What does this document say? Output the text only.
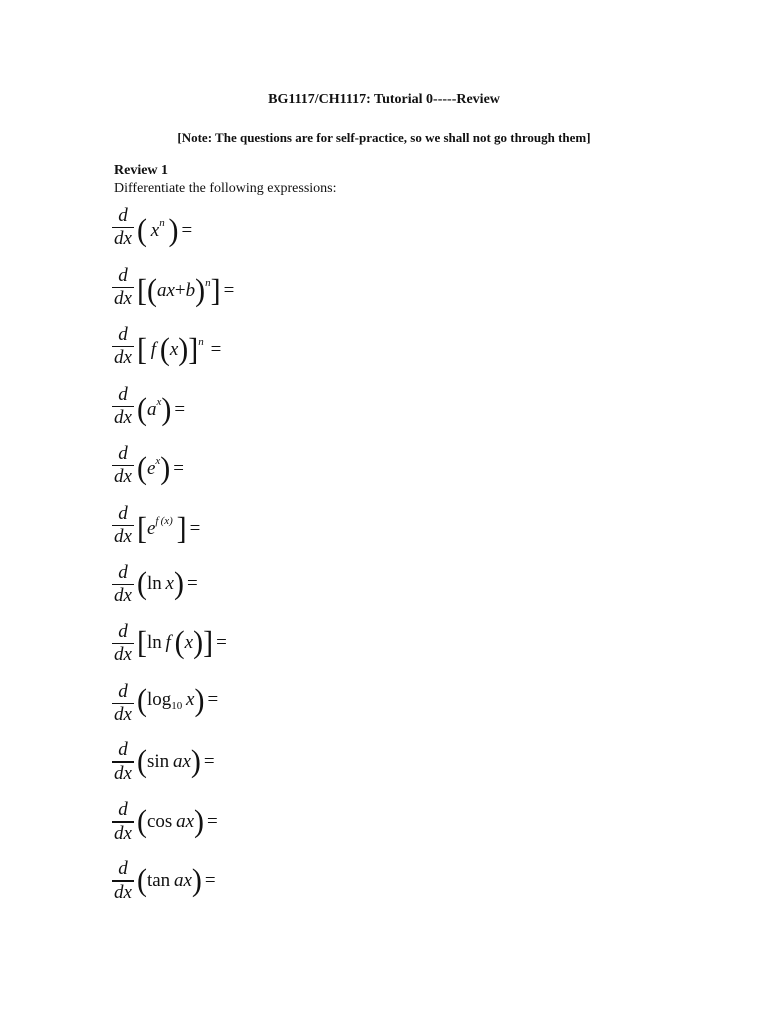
BG1117/CH1117: Tutorial 0-----Review
[Note: The questions are for self-practice, so we shall not go through them]
Review 1
Differentiate the following expressions:
$\frac{d}{dx}$ (  $x^n$  ) =
$\frac{d}{dx} [(ax+b)^n]$ =
$\frac{d}{dx}$ [  f  (x)]$^n$  =
$\frac{d}{dx} (a^x)$ =
$\frac{d}{dx} (e^x)$ =
$\frac{d}{dx} [e^{f (x)}$  ] =
$\frac{d}{dx} (\ln$  x) =
$\frac{d}{dx} [\ln$  f  (x)] =
$\frac{d}{dx} (\log_{10}$  x) =
$\frac{d}{dx} (\sin$  ax) =
$\frac{d}{dx} (\cos$  ax) =
$\frac{d}{dx} (\tan$  ax) =
